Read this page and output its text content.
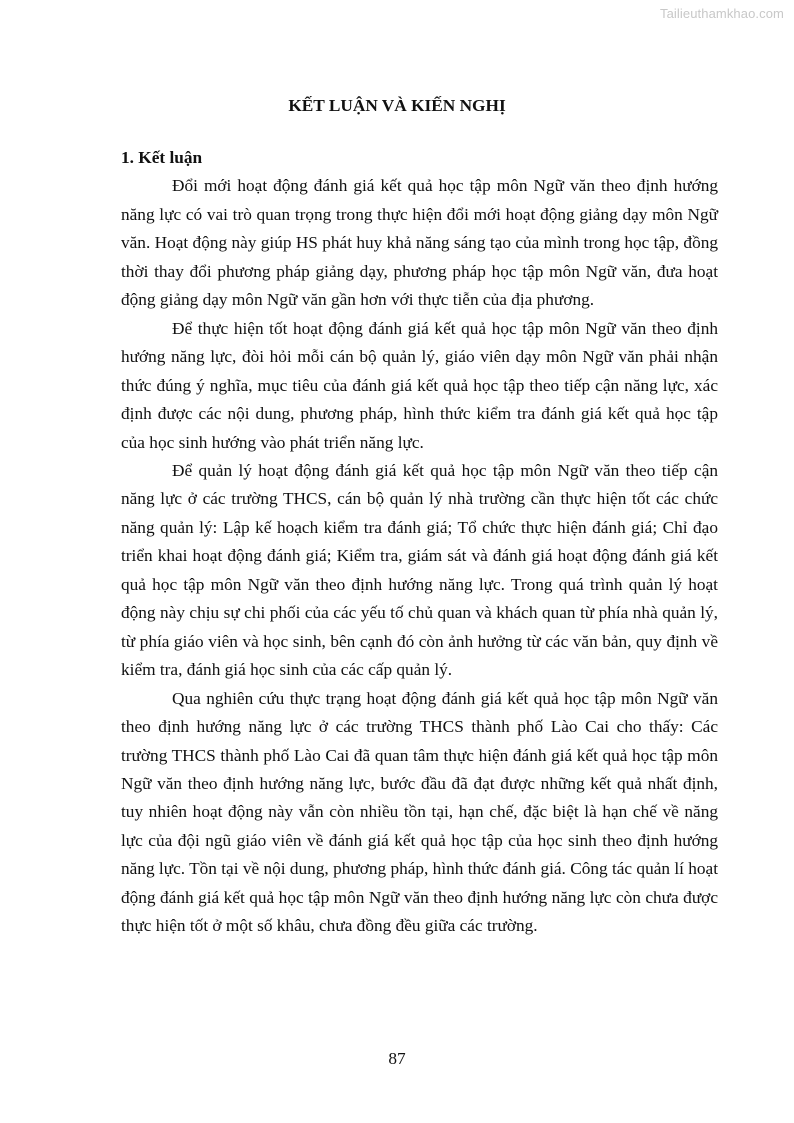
Tailieuthamkhao.com
KẾT LUẬN VÀ KIẾN NGHỊ

1. Kết luận

Đổi mới hoạt động đánh giá kết quả học tập môn Ngữ văn theo định hướng năng lực có vai trò quan trọng trong thực hiện đổi mới hoạt động giảng dạy môn Ngữ văn. Hoạt động này giúp HS phát huy khả năng sáng tạo của mình trong học tập, đồng thời thay đổi phương pháp giảng dạy, phương pháp học tập môn Ngữ văn, đưa hoạt động giảng dạy môn Ngữ văn gần hơn với thực tiễn của địa phương.

Để thực hiện tốt hoạt động đánh giá kết quả học tập môn Ngữ văn theo định hướng năng lực, đòi hỏi mỗi cán bộ quản lý, giáo viên dạy môn Ngữ văn phải nhận thức đúng ý nghĩa, mục tiêu của đánh giá kết quả học tập theo tiếp cận năng lực, xác định được các nội dung, phương pháp, hình thức kiểm tra đánh giá kết quả học tập của học sinh hướng vào phát triển năng lực.

Để quản lý hoạt động đánh giá kết quả học tập môn Ngữ văn theo tiếp cận năng lực ở các trường THCS, cán bộ quản lý nhà trường cần thực hiện tốt các chức năng quản lý: Lập kế hoạch kiểm tra đánh giá; Tổ chức thực hiện đánh giá; Chỉ đạo triển khai hoạt động đánh giá; Kiểm tra, giám sát và đánh giá hoạt động đánh giá kết quả học tập môn Ngữ văn theo định hướng năng lực. Trong quá trình quản lý hoạt động này chịu sự chi phối của các yếu tố chủ quan và khách quan từ phía nhà quản lý, từ phía giáo viên và học sinh, bên cạnh đó còn ảnh hưởng từ các văn bản, quy định về kiểm tra, đánh giá học sinh của các cấp quản lý.

Qua nghiên cứu thực trạng hoạt động đánh giá kết quả học tập môn Ngữ văn theo định hướng năng lực ở các trường THCS thành phố Lào Cai cho thấy: Các trường THCS thành phố Lào Cai đã quan tâm thực hiện đánh giá kết quả học tập môn Ngữ văn theo định hướng năng lực, bước đầu đã đạt được những kết quả nhất định, tuy nhiên hoạt động này vẫn còn nhiều tồn tại, hạn chế, đặc biệt là hạn chế về năng lực của đội ngũ giáo viên về đánh giá kết quả học tập của học sinh theo định hướng năng lực. Tồn tại về nội dung, phương pháp, hình thức đánh giá. Công tác quản lí hoạt động đánh giá kết quả học tập môn Ngữ văn theo định hướng năng lực còn chưa được thực hiện tốt ở một số khâu, chưa đồng đều giữa các trường.

87
